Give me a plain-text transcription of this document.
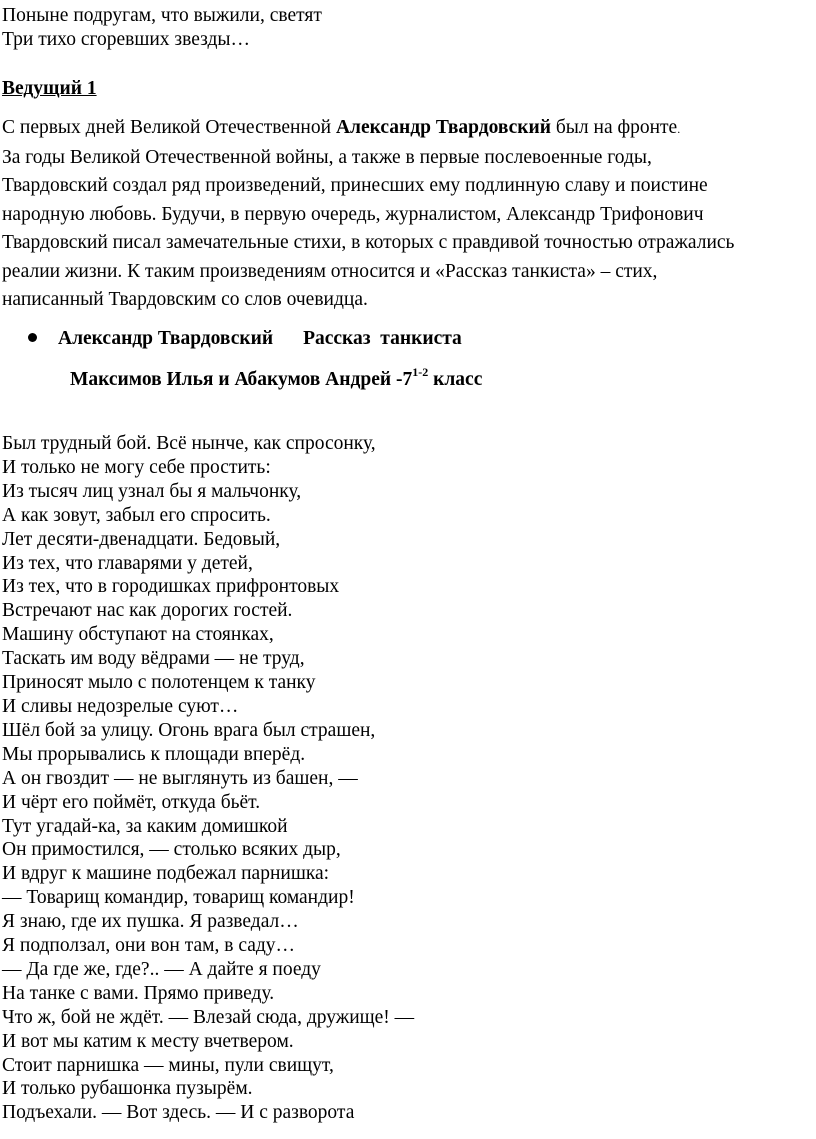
Поныне подругам, что выжили, светят
Три тихо сгоревших звезды…
Ведущий 1
С первых дней Великой Отечественной Александр Твардовский был на фронте.
За годы Великой Отечественной войны, а также в первые послевоенные годы,
Твардовский создал ряд произведений, принесших ему подлинную славу и поистине
народную любовь. Будучи, в первую очередь, журналистом, Александр Трифонович
Твардовский писал замечательные стихи, в которых с правдивой точностью отражались
реалии жизни. К таким произведениям относится и «Рассказ танкиста» – стих,
написанный Твардовским со слов очевидца.
Александр Твардовский Рассказ  танкиста
Максимов Илья и Абакумов Андрей -7$^{1-2}$ класс
Был трудный бой. Всё нынче, как спросонку,
И только не могу себе простить:
Из тысяч лиц узнал бы я мальчонку,
А как зовут, забыл его спросить.
Лет десяти-двенадцати. Бедовый,
Из тех, что главарями у детей,
Из тех, что в городишках прифронтовых
Встречают нас как дорогих гостей.
Машину обступают на стоянках,
Таскать им воду вёдрами — не труд,
Приносят мыло с полотенцем к танку
И сливы недозрелые суют…
Шёл бой за улицу. Огонь врага был страшен,
Мы прорывались к площади вперёд.
А он гвоздит — не выглянуть из башен, —
И чёрт его поймёт, откуда бьёт.
Тут угадай-ка, за каким домишкой
Он примостился, — столько всяких дыр,
И вдруг к машине подбежал парнишка:
— Товарищ командир, товарищ командир!
Я знаю, где их пушка. Я разведал…
Я подползал, они вон там, в саду…
— Да где же, где?.. — А дайте я поеду
На танке с вами. Прямо приведу.
Что ж, бой не ждёт. — Влезай сюда, дружище! —
И вот мы катим к месту вчетвером.
Стоит парнишка — мины, пули свищут,
И только рубашонка пузырём.
Подъехали. — Вот здесь. — И с разворота
